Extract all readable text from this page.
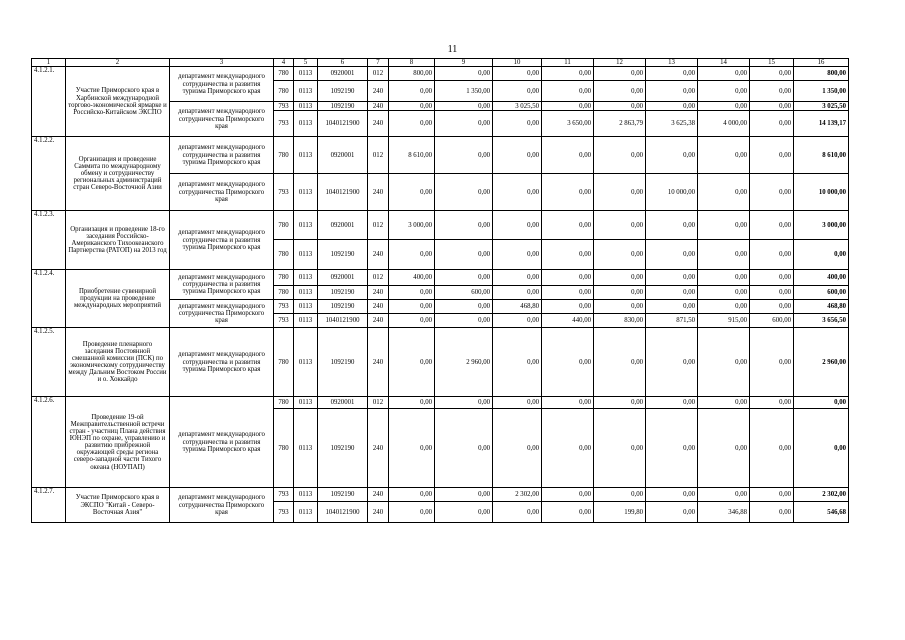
11
1	2	3	4	5	6	7	8	9	10	11	12	13	14	15	16
4.1.2.1.	Участие Приморского края в Харбинской международной торгово-экономической ярмарке и Российско-Китайском ЭКСПО	департамент международного сотрудничества и развития туризма Приморского края	780	0113	0920001	012	800,00	0,00	0,00	0,00	0,00	0,00	0,00	0,00	800,00
			780	0113	1092190	240	0,00	1 350,00	0,00	0,00	0,00	0,00	0,00	0,00	1 350,00
		департамент международного сотрудничества Приморского края	793	0113	1092190	240	0,00	0,00	3 025,50	0,00	0,00	0,00	0,00	0,00	3 025,50
			793	0113	1040121900	240	0,00	0,00	0,00	3 650,00	2 863,79	3 625,38	4 000,00	0,00	14 139,17
4.1.2.2.	Организация и проведение Саммита по международному обмену и сотрудничеству региональных администраций стран Северо-Восточной Азии	департамент международного сотрудничества и развития туризма Приморского края	780	0113	0920001	012	8 610,00	0,00	0,00	0,00	0,00	0,00	0,00	0,00	8 610,00
		департамент международного сотрудничества Приморского края	793	0113	1040121900	240	0,00	0,00	0,00	0,00	0,00	10 000,00	0,00	0,00	10 000,00
4.1.2.3.	Организация и проведение 18-го заседания Российско-Американского Тихоокеанского Партнерства (РАТОП) на 2013 год	департамент международного сотрудничества и развития туризма Приморского края	780	0113	0920001	012	3 000,00	0,00	0,00	0,00	0,00	0,00	0,00	0,00	3 000,00
			780	0113	1092190	240	0,00	0,00	0,00	0,00	0,00	0,00	0,00	0,00	0,00
4.1.2.4.	Приобретение сувенирной продукции на проведение международных мероприятий	департамент международного сотрудничества и развития туризма Приморского края	780	0113	0920001	012	400,00	0,00	0,00	0,00	0,00	0,00	0,00	0,00	400,00
			780	0113	1092190	240	0,00	600,00	0,00	0,00	0,00	0,00	0,00	0,00	600,00
		департамент международного сотрудничества Приморского края	793	0113	1092190	240	0,00	0,00	468,80	0,00	0,00	0,00	0,00	0,00	468,80
			793	0113	1040121900	240	0,00	0,00	0,00	440,00	830,00	871,50	915,00	600,00	3 656,50
4.1.2.5.	Проведение пленарного заседания Постоянной смешанной комиссии (ПСК) по экономическому сотрудничеству между Дальним Востоком России и о. Хоккайдо	департамент международного сотрудничества и развития туризма Приморского края	780	0113	1092190	240	0,00	2 960,00	0,00	0,00	0,00	0,00	0,00	0,00	2 960,00
4.1.2.6.	Проведение 19-ой Межправительственной встречи стран - участниц Плана действия ЮНЭП по охране, управлению и развитию прибрежной окружающей среды региона северо-западной части Тихого океана (НОУПАП)	департамент международного сотрудничества и развития туризма Приморского края	780	0113	0920001	012	0,00	0,00	0,00	0,00	0,00	0,00	0,00	0,00	0,00
			780	0113	1092190	240	0,00	0,00	0,00	0,00	0,00	0,00	0,00	0,00	0,00
4.1.2.7.	Участие Приморского края в ЭКСПО "Китай - Северо-Восточная Азия"	департамент международного сотрудничества Приморского края	793	0113	1092190	240	0,00	0,00	2 302,00	0,00	0,00	0,00	0,00	0,00	2 302,00
			793	0113	1040121900	240	0,00	0,00	0,00	0,00	199,80	0,00	346,88	0,00	546,68
